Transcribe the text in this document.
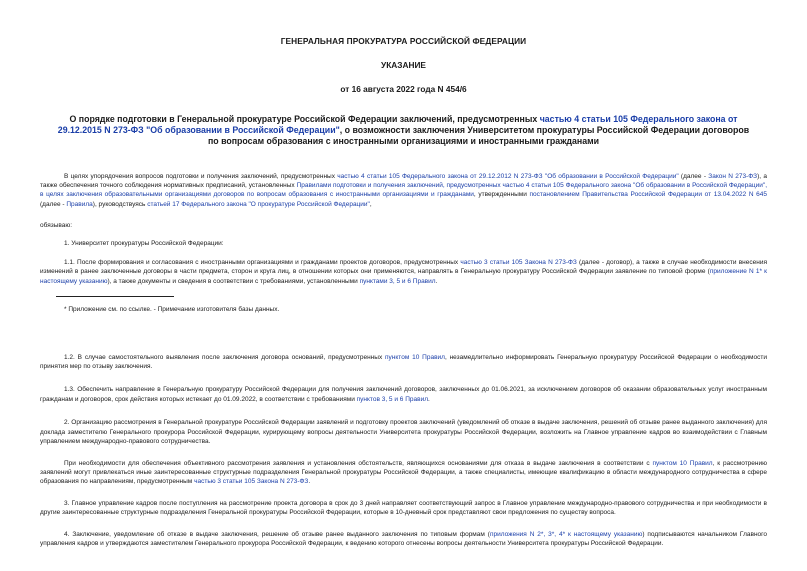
ГЕНЕРАЛЬНАЯ ПРОКУРАТУРА РОССИЙСКОЙ ФЕДЕРАЦИИ
УКАЗАНИЕ
от 16 августа 2022 года N 454/6
О порядке подготовки в Генеральной прокуратуре Российской Федерации заключений, предусмотренных частью 4 статьи 105 Федерального закона от 29.12.2015 N 273-ФЗ "Об образовании в Российской Федерации", о возможности заключения Университетом прокуратуры Российской Федерации договоров по вопросам образования с иностранными организациями и иностранными гражданами

В целях упорядочения вопросов подготовки и получения заключений, предусмотренных частью 4 статьи 105 Федерального закона от 29.12.2012 N 273-ФЗ "Об образовании в Российской Федерации" (далее - Закон N 273-ФЗ), а также обеспечения точного соблюдения нормативных предписаний, установленных Правилами подготовки и получения заключений, предусмотренных частью 4 статьи 105 Федерального закона "Об образовании в Российской Федерации", в целях заключения образовательными организациями договоров по вопросам образования с иностранными организациями и гражданами, утвержденными постановлением Правительства Российской Федерации от 13.04.2022 N 645 (далее - Правила), руководствуясь статьей 17 Федерального закона "О прокуратуре Российской Федерации",

обязываю:

1. Университет прокуратуры Российской Федерации:

1.1. После формирования и согласования с иностранными организациями и гражданами проектов договоров, предусмотренных частью 3 статьи 105 Закона N 273-ФЗ (далее - договор), а также в случае необходимости внесения изменений в ранее заключенные договоры в части предмета, сторон и круга лиц, в отношении которых они применяются, направлять в Генеральную прокуратуру Российской Федерации заявление по типовой форме (приложение N 1* к настоящему указанию), а также документы и сведения в соответствии с требованиями, установленными пунктами 3, 5 и 6 Правил.

* Приложение см. по ссылке. - Примечание изготовителя базы данных.

1.2. В случае самостоятельного выявления после заключения договора оснований, предусмотренных пунктом 10 Правил, незамедлительно информировать Генеральную прокуратуру Российской Федерации о необходимости принятия мер по отзыву заключения.

1.3. Обеспечить направление в Генеральную прокуратуру Российской Федерации для получения заключений договоров, заключенных до 01.06.2021, за исключением договоров об оказании образовательных услуг иностранным гражданам и договоров, срок действия которых истекает до 01.09.2022, в соответствии с требованиями пунктов 3, 5 и 6 Правил.

2. Организацию рассмотрения в Генеральной прокуратуре Российской Федерации заявлений и подготовку проектов заключений (уведомлений об отказе в выдаче заключения, решений об отзыве ранее выданного заключения) для доклада заместителю Генерального прокурора Российской Федерации, курирующему вопросы деятельности Университета прокуратуры Российской Федерации, возложить на Главное управление кадров во взаимодействии с Главным управлением международно-правового сотрудничества.

При необходимости для обеспечения объективного рассмотрения заявления и установления обстоятельств, являющихся основаниями для отказа в выдаче заключения в соответствии с пунктом 10 Правил, к рассмотрению заявлений могут привлекаться иные заинтересованные структурные подразделения Генеральной прокуратуры Российской Федерации, а также специалисты, имеющие квалификацию в области международного сотрудничества в сфере образования по направлениям, предусмотренным частью 3 статьи 105 Закона N 273-ФЗ.

3. Главное управление кадров после поступления на рассмотрение проекта договора в срок до 3 дней направляет соответствующий запрос в Главное управление международно-правового сотрудничества и при необходимости в другие заинтересованные структурные подразделения Генеральной прокуратуры Российской Федерации, которые в 10-дневный срок представляют свои предложения по существу вопроса.

4. Заключение, уведомление об отказе в выдаче заключения, решение об отзыве ранее выданного заключения по типовым формам (приложения N 2*, 3*, 4* к настоящему указанию) подписываются начальником Главного управления кадров и утверждаются заместителем Генерального прокурора Российской Федерации, к ведению которого отнесены вопросы деятельности Университета прокуратуры Российской Федерации.
